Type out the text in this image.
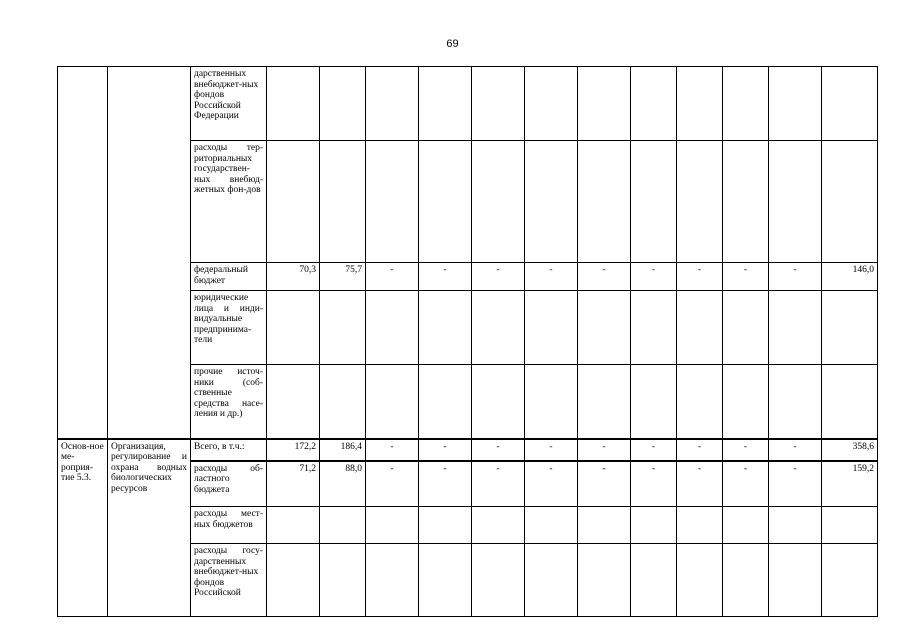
69
		дарственных внебюджет-ных фондов Российской Федерации												
		расходы тер-риториальных государствен-ных внебюд-жетных фон-дов												
		федеральный бюджет	70,3	75,7	-	-	-	-	-	-	-	-	-	146,0
		юридические лица и инди-видуальные предпринима-тели												
		прочие источ-ники (соб-ственные средства насе-ления и др.)												
Основ-ное ме-роприя-тие 5.3.	Организация, регулирование и охрана водных биологических ресурсов	Всего, в т.ч.:	172,2	186,4	-	-	-	-	-	-	-	-	-	358,6
		расходы об-ластного бюджета	71,2	88,0	-	-	-	-	-	-	-	-	-	159,2
		расходы мест-ных бюджетов												
		расходы госу-дарственных внебюджет-ных фондов Российской												
